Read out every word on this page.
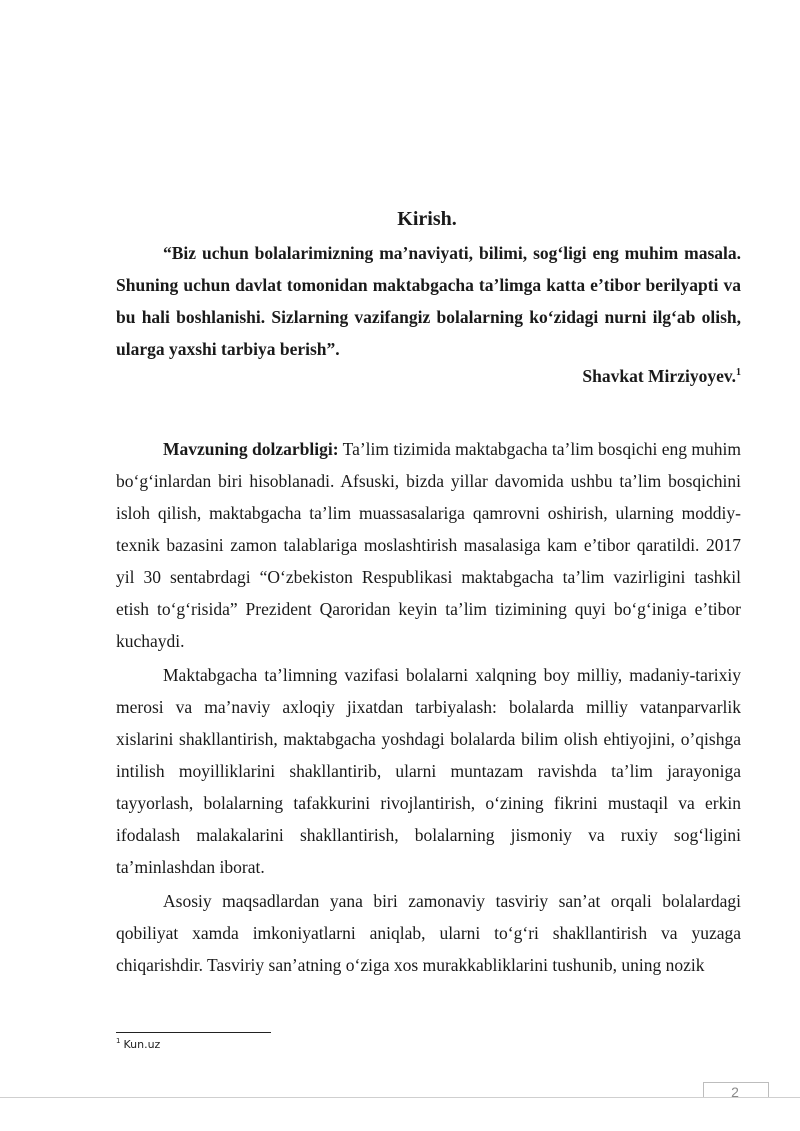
Kirish.
“Biz uchun bolalarimizning ma’naviyati, bilimi, sog‘ligi eng muhim masala. Shuning uchun davlat tomonidan maktabgacha ta’limga katta e’tibor berilyapti va bu hali boshlanishi. Sizlarning vazifangiz bolalarning ko‘zidagi nurni ilg‘ab olish, ularga yaxshi tarbiya berish”.
Shavkat Mirziyoyev.$^1$
Mavzuning dolzarbligi: Ta’lim tizimida maktabgacha ta’lim bosqichi eng muhim bo‘g‘inlardan biri hisoblanadi. Afsuski, bizda yillar davomida ushbu ta’lim bosqichini isloh qilish, maktabgacha ta’lim muassasalariga qamrovni oshirish, ularning moddiy-texnik bazasini zamon talablariga moslashtirish masalasiga kam e’tibor qaratildi. 2017 yil 30 sentabrdagi “O‘zbekiston Respublikasi maktabgacha ta’lim vazirligini tashkil etish to‘g‘risida” Prezident Qaroridan keyin ta’lim tizimining quyi bo‘g‘iniga e’tibor kuchaydi.
Maktabgacha ta’limning vazifasi bolalarni xalqning boy milliy, madaniy-tarixiy merosi va ma’naviy axloqiy jixatdan tarbiyalash: bolalarda milliy vatanparvarlik xislarini shakllantirish, maktabgacha yoshdagi bolalarda bilim olish ehtiyojini, o’qishga intilish moyilliklarini shakllantirib, ularni muntazam ravishda ta’lim jarayoniga tayyorlash, bolalarning tafakkurini rivojlantirish, o‘zining fikrini mustaqil va erkin ifodalash malakalarini shakllantirish, bolalarning jismoniy va ruxiy sog‘ligini ta’minlashdan iborat.
Asosiy maqsadlardan yana biri zamonaviy tasviriy san’at orqali bolalardagi qobiliyat xamda imkoniyatlarni aniqlab, ularni to‘g‘ri shakllantirish va yuzaga chiqarishdir. Tasviriy san’atning o‘ziga xos murakkabliklarini tushunib, uning nozik
$^1$ Kun.uz
2
